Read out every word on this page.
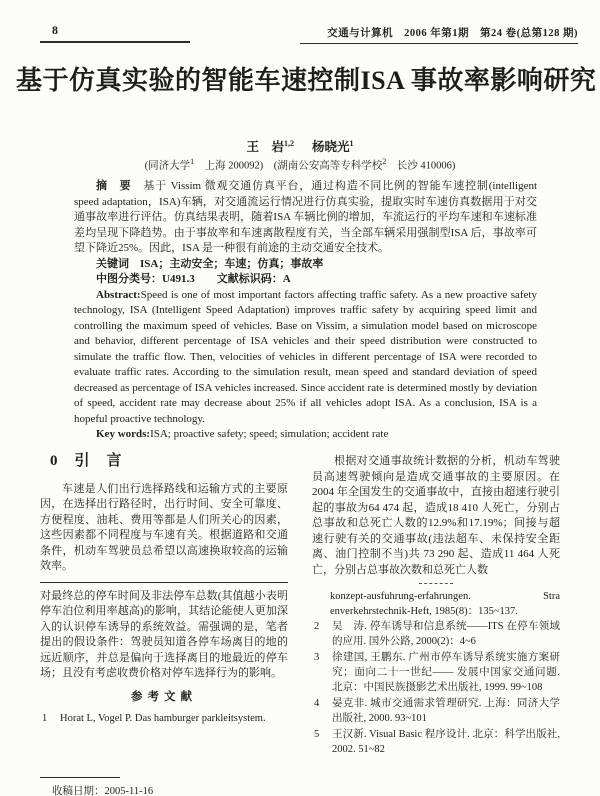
8	交通与计算机　2006 年第1期　第24 卷(总第128 期)
基于仿真实验的智能车速控制ISA 事故率影响研究
王　岩$^{1,2}$ 杨晓光$^1$
(同济大学$^1$　上海 200092)　(湖南公安高等专科学校$^2$　长沙 410006)

摘　要　基于 Vissim 微观交通仿真平台，通过构造不同比例的智能车速控制(intelligent speed adaptation，ISA)车辆，对交通流运行情况进行仿真实验，提取实时车速仿真数据用于对交通事故率进行评估。仿真结果表明，随着ISA 车辆比例的增加，车流运行的平均车速和车速标准差均呈现下降趋势。由于事故率和车速离散程度有关，当全部车辆采用强制型ISA 后，事故率可望下降近25%。因此，ISA 是一种很有前途的主动交通安全技术。

关键词　ISA；主动安全；车速；仿真；事故率

中图分类号：U491.3 文献标识码：A

Abstract:Speed is one of most important factors affecting traffic safety. As a new proactive safety technology, ISA (Intelligent Speed Adaptation) improves traffic safety by acquiring speed limit and controlling the maximum speed of vehicles. Base on Vissim, a simulation model based on microscope and behavior, different percentage of ISA vehicles and their speed distribution were constructed to simulate the traffic flow. Then, velocities of vehicles in different percentage of ISA were recorded to evaluate traffic rates. According to the simulation result, mean speed and standard deviation of speed decreased as percentage of ISA vehicles increased. Since accident rate is determined mostly by deviation of speed, accident rate may decrease about 25% if all vehicles adopt ISA. As a conclusion, ISA is a hopeful proactive technology.

Key words:ISA; proactive safety; speed; simulation; accident rate

0 引　言

车速是人们出行选择路线和运输方式的主要原因，在选择出行路径时，出行时间、安全可靠度、方便程度、油耗、费用等都是人们所关心的因素，这些因素都不同程度与车速有关。根据道路和交通条件，机动车驾驶员总希望以高速换取较高的运输效率。

对最终总的停车时间及非法停车总数(其值越小表明停车泊位利用率越高)的影响，其结论能使人更加深入的认识停车诱导的系统效益。需强调的是，笔者提出的假设条件：驾驶员知道各停车场离目的地的远近顺序，并总是偏向于选择离目的地最近的停车场；且没有考虑收费价格对停车选择行为的影响。

参考文献
1	Horat L, Vogel P. Das hamburger parkleitsystem.

根据对交通事故统计数据的分析，机动车驾驶员高速驾驶倾向是造成交通事故的主要原因。在2004 年全国发生的交通事故中，直接由超速行驶引起的事故为64 474 起，造成18 410 人死亡，分别占总事故和总死亡人数的12.9%和17.19%；间接与超速行驶有关的交通事故(违法超车、未保持安全距离、油门控制不当)共 73 290 起、造成11 464 人死亡，分别占总事故次数和总死亡人数

konzept-ausfuhrung-erfahrungen. Stra enverkehrstechnik-Heft, 1985(8)：135~137.
2	吴　涛. 停车诱导和信息系统——ITS 在停车领域的应用. 国外公路, 2000(2)：4~6
3	徐建国, 王鹏东. 广州市停车诱导系统实施方案研究；面向二十一世纪—— 发展中国家交通问题. 北京：中国民族摄影艺术出版社, 1999. 99~108
4	晏克非. 城市交通需求管理研究. 上海：同济大学出版社, 2000. 93~101
5	王汉新. Visual Basic 程序设计. 北京：科学出版社, 2002. 51~82
收稿日期：2005-11-16
